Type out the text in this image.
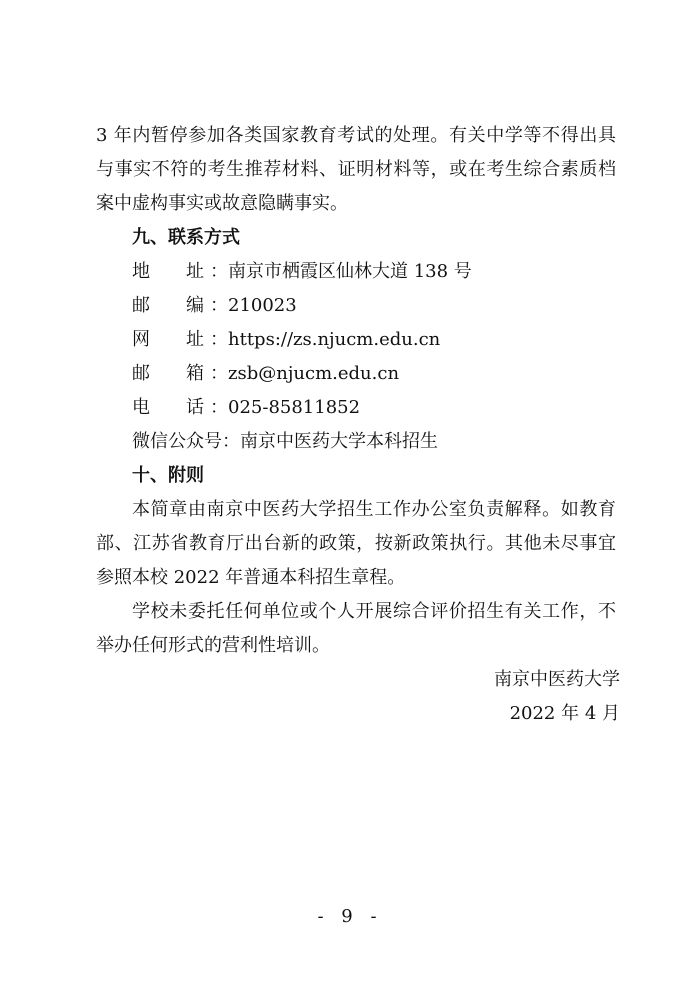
3 年内暂停参加各类国家教育考试的处理。有关中学等不得出具
与事实不符的考生推荐材料、证明材料等，或在考生综合素质档
案中虚构事实或故意隐瞒事实。
九、联系方式
地　址 ：南京市栖霞区仙林大道 138 号
邮　编 ：210023
网　址 ：https://zs.njucm.edu.cn
邮　箱 ：zsb@njucm.edu.cn
电　话 ：025-85811852
微信公众号：南京中医药大学本科招生
十、附则
本简章由南京中医药大学招生工作办公室负责解释。如教育
部、江苏省教育厅出台新的政策，按新政策执行。其他未尽事宜
参照本校 2022 年普通本科招生章程。
学校未委托任何单位或个人开展综合评价招生有关工作，不
举办任何形式的营利性培训。
南京中医药大学
2022 年 4 月
- 9 -
